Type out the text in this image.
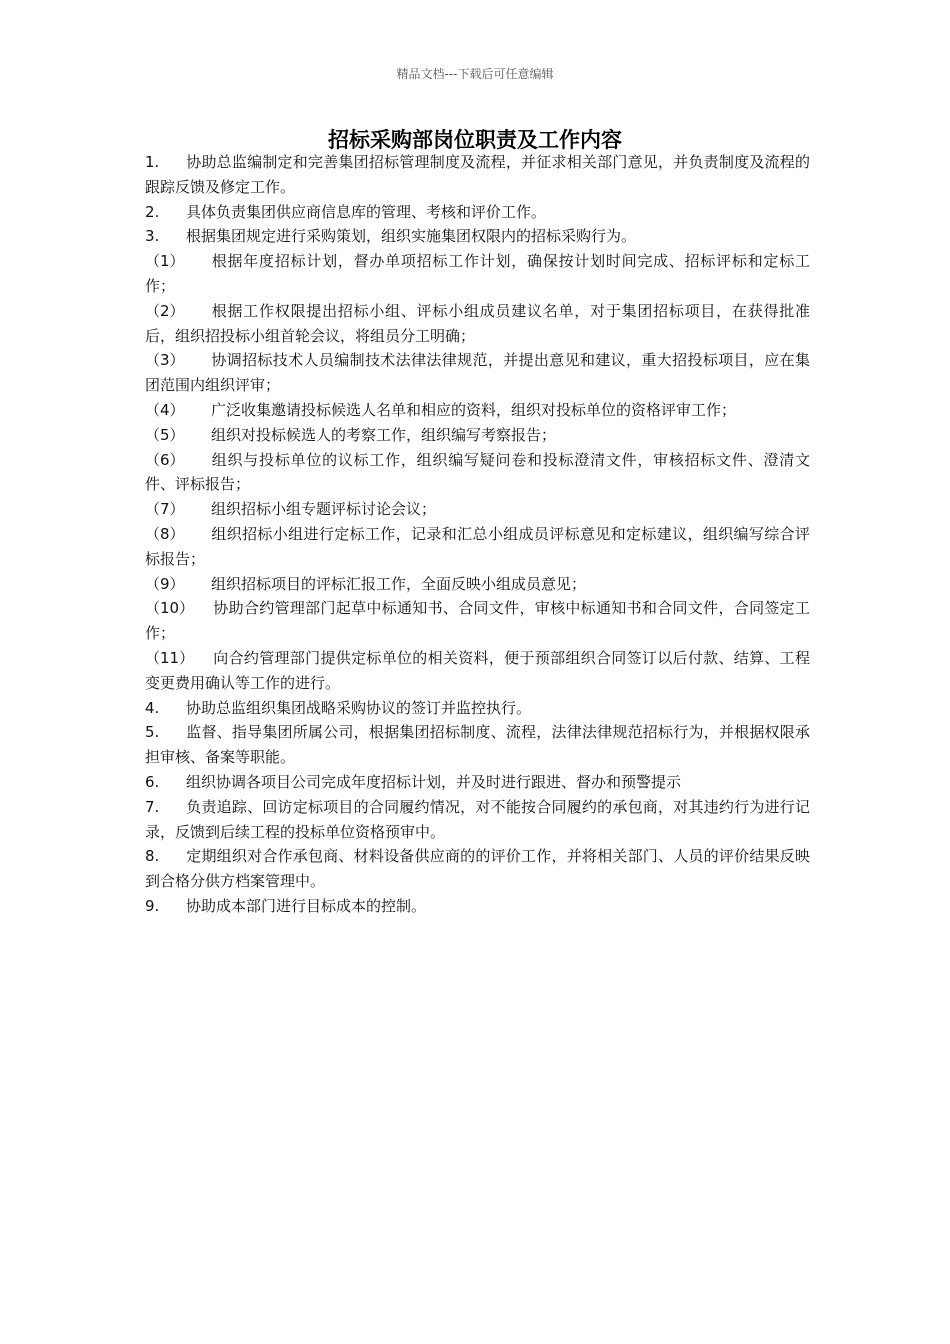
精品文档---下载后可任意编辑
招标采购部岗位职责及工作内容

1. 协助总监编制定和完善集团招标管理制度及流程，并征求相关部门意见，并负责制度及流程的跟踪反馈及修定工作。

2. 具体负责集团供应商信息库的管理、考核和评价工作。

3. 根据集团规定进行采购策划，组织实施集团权限内的招标采购行为。

（1） 根据年度招标计划，督办单项招标工作计划，确保按计划时间完成、招标评标和定标工作；

（2） 根据工作权限提出招标小组、评标小组成员建议名单，对于集团招标项目，在获得批准后，组织招投标小组首轮会议，将组员分工明确；

（3） 协调招标技术人员编制技术法律法律规范，并提出意见和建议，重大招投标项目，应在集团范围内组织评审；

（4） 广泛收集邀请投标候选人名单和相应的资料，组织对投标单位的资格评审工作；

（5） 组织对投标候选人的考察工作，组织编写考察报告；

（6） 组织与投标单位的议标工作，组织编写疑问卷和投标澄清文件，审核招标文件、澄清文件、评标报告；

（7） 组织招标小组专题评标讨论会议；

（8） 组织招标小组进行定标工作，记录和汇总小组成员评标意见和定标建议，组织编写综合评标报告；

（9） 组织招标项目的评标汇报工作，全面反映小组成员意见；

（10） 协助合约管理部门起草中标通知书、合同文件，审核中标通知书和合同文件，合同签定工作；

（11） 向合约管理部门提供定标单位的相关资料，便于预部组织合同签订以后付款、结算、工程变更费用确认等工作的进行。

4. 协助总监组织集团战略采购协议的签订并监控执行。

5. 监督、指导集团所属公司，根据集团招标制度、流程，法律法律规范招标行为，并根据权限承担审核、备案等职能。

6. 组织协调各项目公司完成年度招标计划，并及时进行跟进、督办和预警提示

7. 负责追踪、回访定标项目的合同履约情况，对不能按合同履约的承包商，对其违约行为进行记录，反馈到后续工程的投标单位资格预审中。

8. 定期组织对合作承包商、材料设备供应商的的评价工作，并将相关部门、人员的评价结果反映到合格分供方档案管理中。

9. 协助成本部门进行目标成本的控制。
